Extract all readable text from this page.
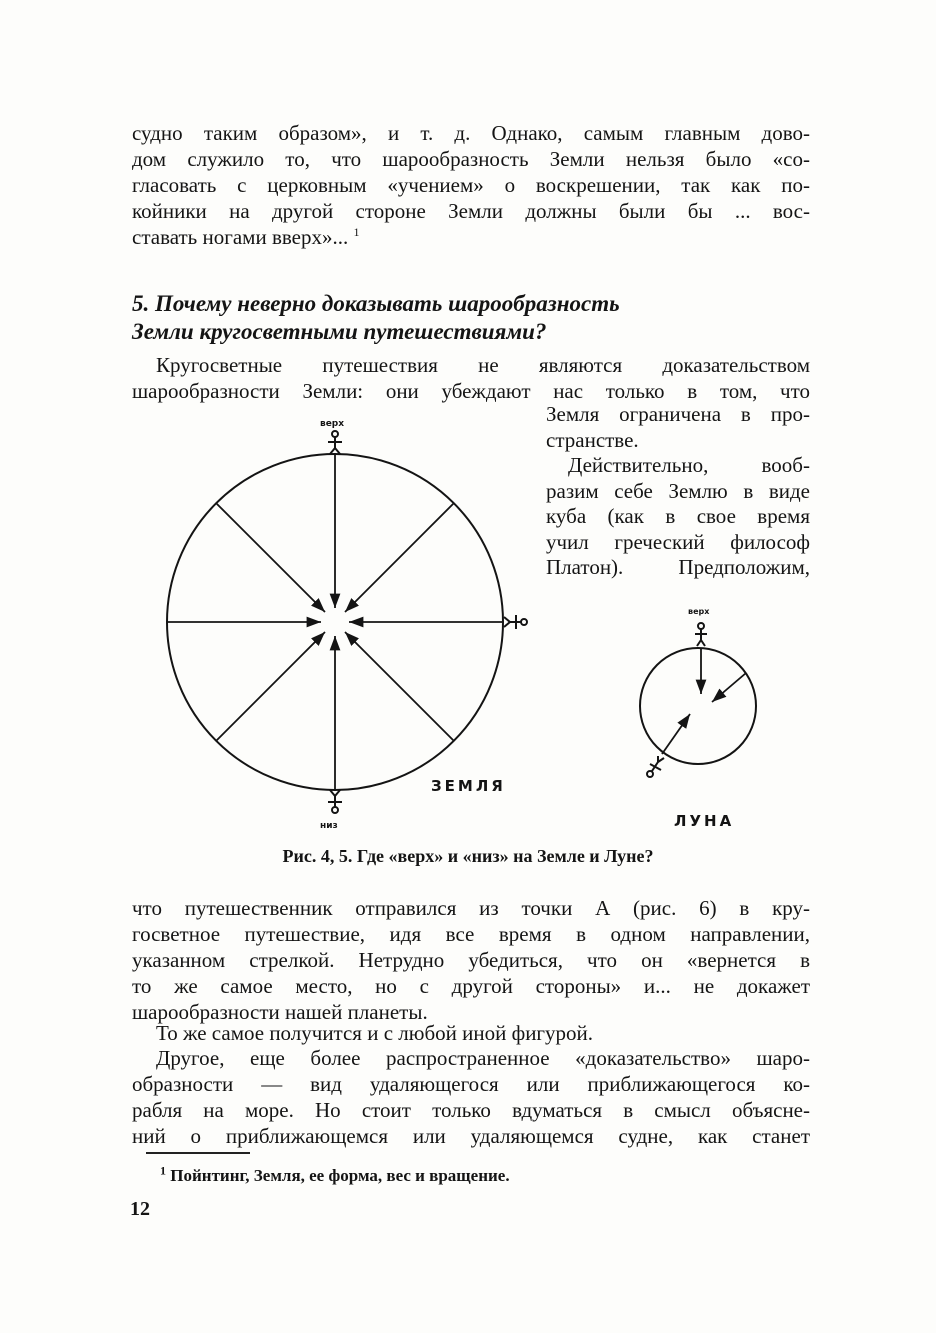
судно таким образом», и т. д. Однако, самым главным дово-
дом служило то, что шарообразность Земли нельзя было «со-
гласовать с церковным «учением» о воскрешении, так как по-
койники на другой стороне Земли должны были бы ... вос-
ставать ногами вверх»... $^1$
5. Почему неверно доказывать шарообразность
Земли кругосветными путешествиями?
Кругосветные путешествия не являются доказательством
шарообразности Земли: они убеждают нас только в том, что
Земля ограничена в про-
странстве.
Действительно, вооб-
разим себе Землю в виде
куба (как в свое время
учил греческий философ
Платон). Предположим,
верх
низ
верх
ЗЕМЛЯ
ЛУНА
Рис. 4, 5. Где «верх» и «низ» на Земле и Луне?
что путешественник отправился из точки А (рис. 6) в кру-
госветное путешествие, идя все время в одном направлении,
указанном стрелкой. Нетрудно убедиться, что он «вернется в
то же самое место, но с другой стороны» и... не докажет
шарообразности нашей планеты.
То же самое получится и с любой иной фигурой.
Другое, еще более распространенное «доказательство» шаро-
образности — вид удаляющегося или приближающегося ко-
рабля на море. Но стоит только вдуматься в смысл объяснe-
ний о приближающемся или удаляющемся судне, как станет
$^1$ Пойнтинг, Земля, ее форма, вес и вращение.
12
